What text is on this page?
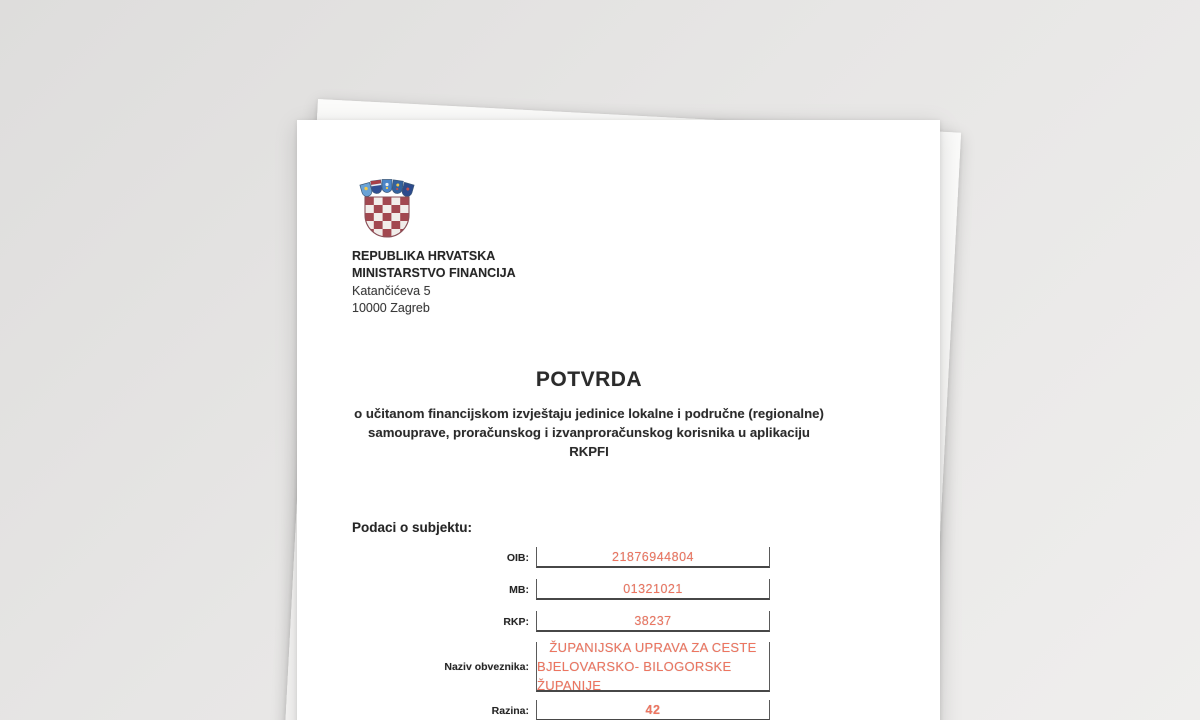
REPUBLIKA HRVATSKA
MINISTARSTVO FINANCIJA
Katančićeva 5
10000 Zagreb
POTVRDA
o učitanom financijskom izvještaju jedinice lokalne i područne (regionalne)
samouprave, proračunskog i izvanproračunskog korisnika u aplikaciju
RKPFI
Podaci o subjektu:
OIB:	21876944804
MB:	01321021
RKP:	38237
Naziv obveznika:
ŽUPANIJSKA UPRAVA ZA CESTE
BJELOVARSKO- BILOGORSKE ŽUPANIJE
Razina:	42
